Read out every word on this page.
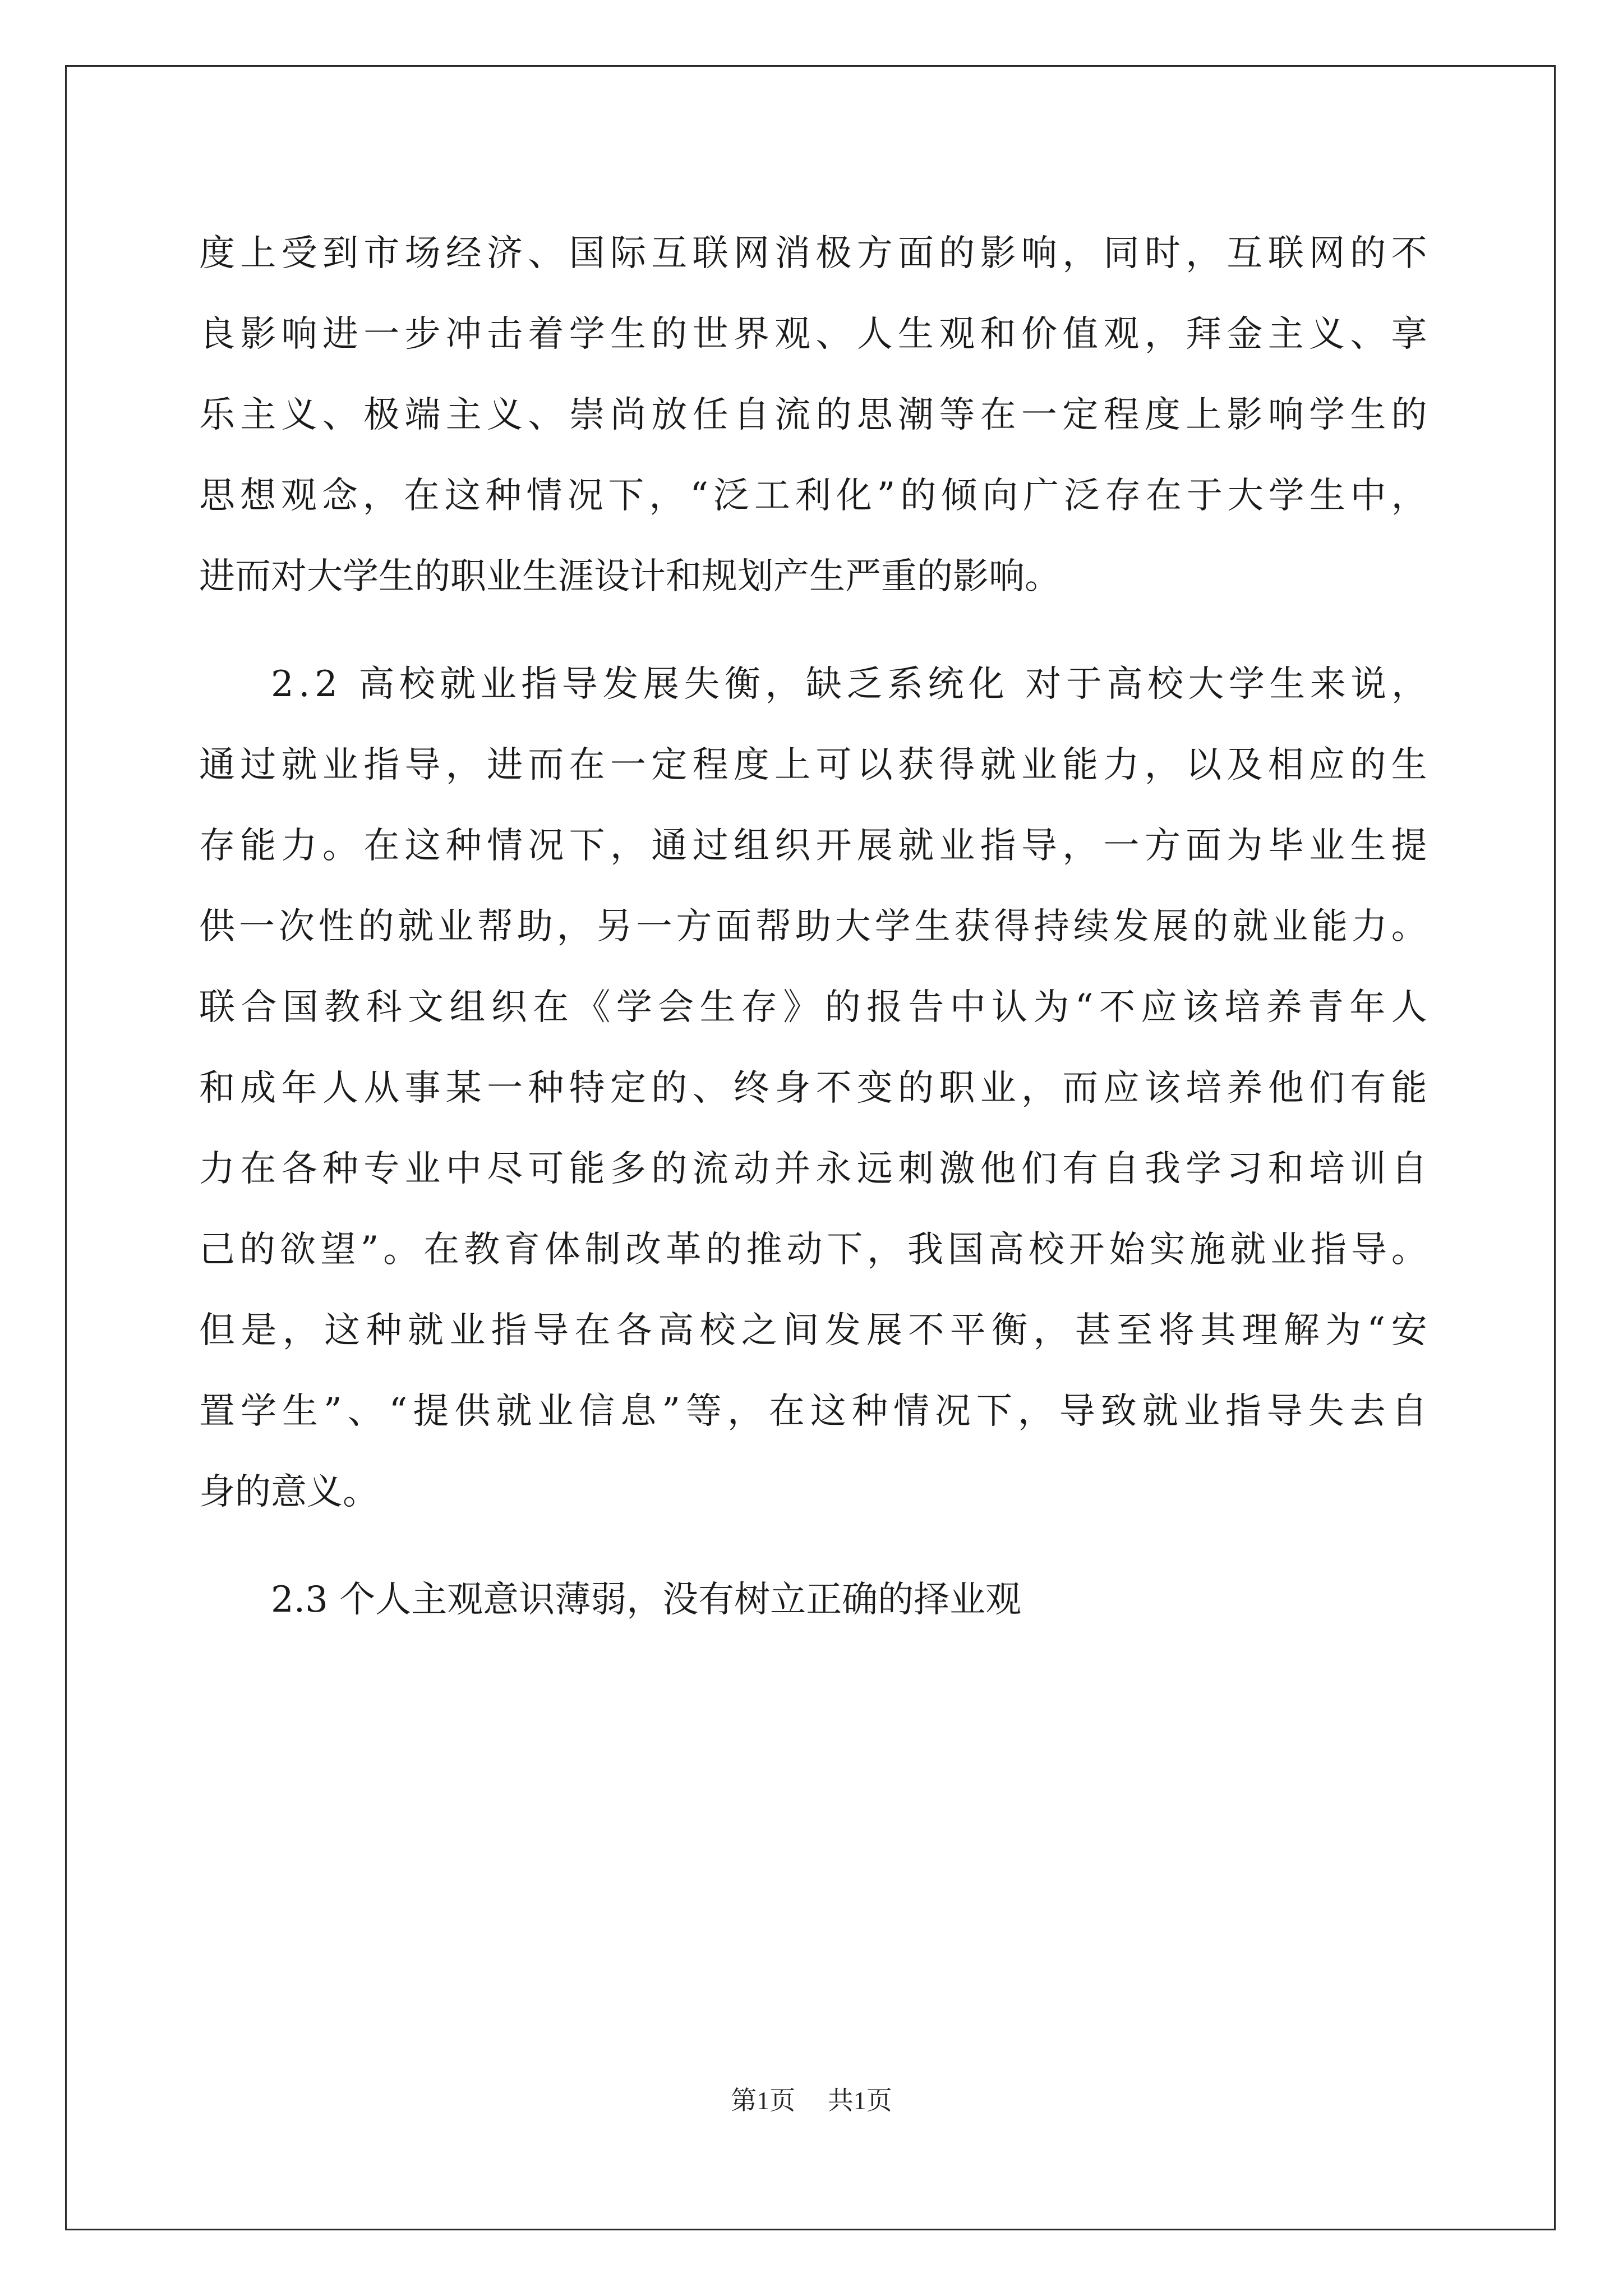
度 上 受 到 市 场 经 济 、 国 际 互 联 网 消 极 方 面 的 影 响 ， 同 时 ， 互 联 网 的 不
良 影 响 进 一 步 冲 击 着 学 生 的 世 界 观 、 人 生 观 和 价 值 观 ， 拜 金 主 义 、 享
乐 主 义 、 极 端 主 义 、 崇 尚 放 任 自 流 的 思 潮 等 在 一 定 程 度 上 影 响 学 生 的
思 想 观 念 ， 在 这 种 情 况 下 ， “ 泛 工 利 化 ” 的 倾 向 广 泛 存 在 于 大 学 生 中 ，
进而对大学生的职业生涯设计和规划产生严重的影响。
2 . 2
高 校 就 业 指 导 发 展 失 衡 ， 缺 乏 系 统 化
对 于 高 校 大 学 生 来 说 ，
通 过 就 业 指 导 ， 进 而 在 一 定 程 度 上 可 以 获 得 就 业 能 力 ， 以 及 相 应 的 生
存 能 力 。 在 这 种 情 况 下 ， 通 过 组 织 开 展 就 业 指 导 ， 一 方 面 为 毕 业 生 提
供 一 次 性 的 就 业 帮 助 ， 另 一 方 面 帮 助 大 学 生 获 得 持 续 发 展 的 就 业 能 力 。
联 合 国 教 科 文 组 织 在 《 学 会 生 存 》 的 报 告 中 认 为 “ 不 应 该 培 养 青 年 人
和 成 年 人 从 事 某 一 种 特 定 的 、 终 身 不 变 的 职 业 ， 而 应 该 培 养 他 们 有 能
力 在 各 种 专 业 中 尽 可 能 多 的 流 动 并 永 远 刺 激 他 们 有 自 我 学 习 和 培 训 自
己 的 欲 望 ” 。 在 教 育 体 制 改 革 的 推 动 下 ， 我 国 高 校 开 始 实 施 就 业 指 导 。
但 是 ， 这 种 就 业 指 导 在 各 高 校 之 间 发 展 不 平 衡 ， 甚 至 将 其 理 解 为 “ 安
置 学 生 ” 、 “ 提 供 就 业 信 息 ” 等 ， 在 这 种 情 况 下 ， 导 致 就 业 指 导 失 去 自
身的意义。
2.3 个人主观意识薄弱，没有树立正确的择业观
第1页 共1页
